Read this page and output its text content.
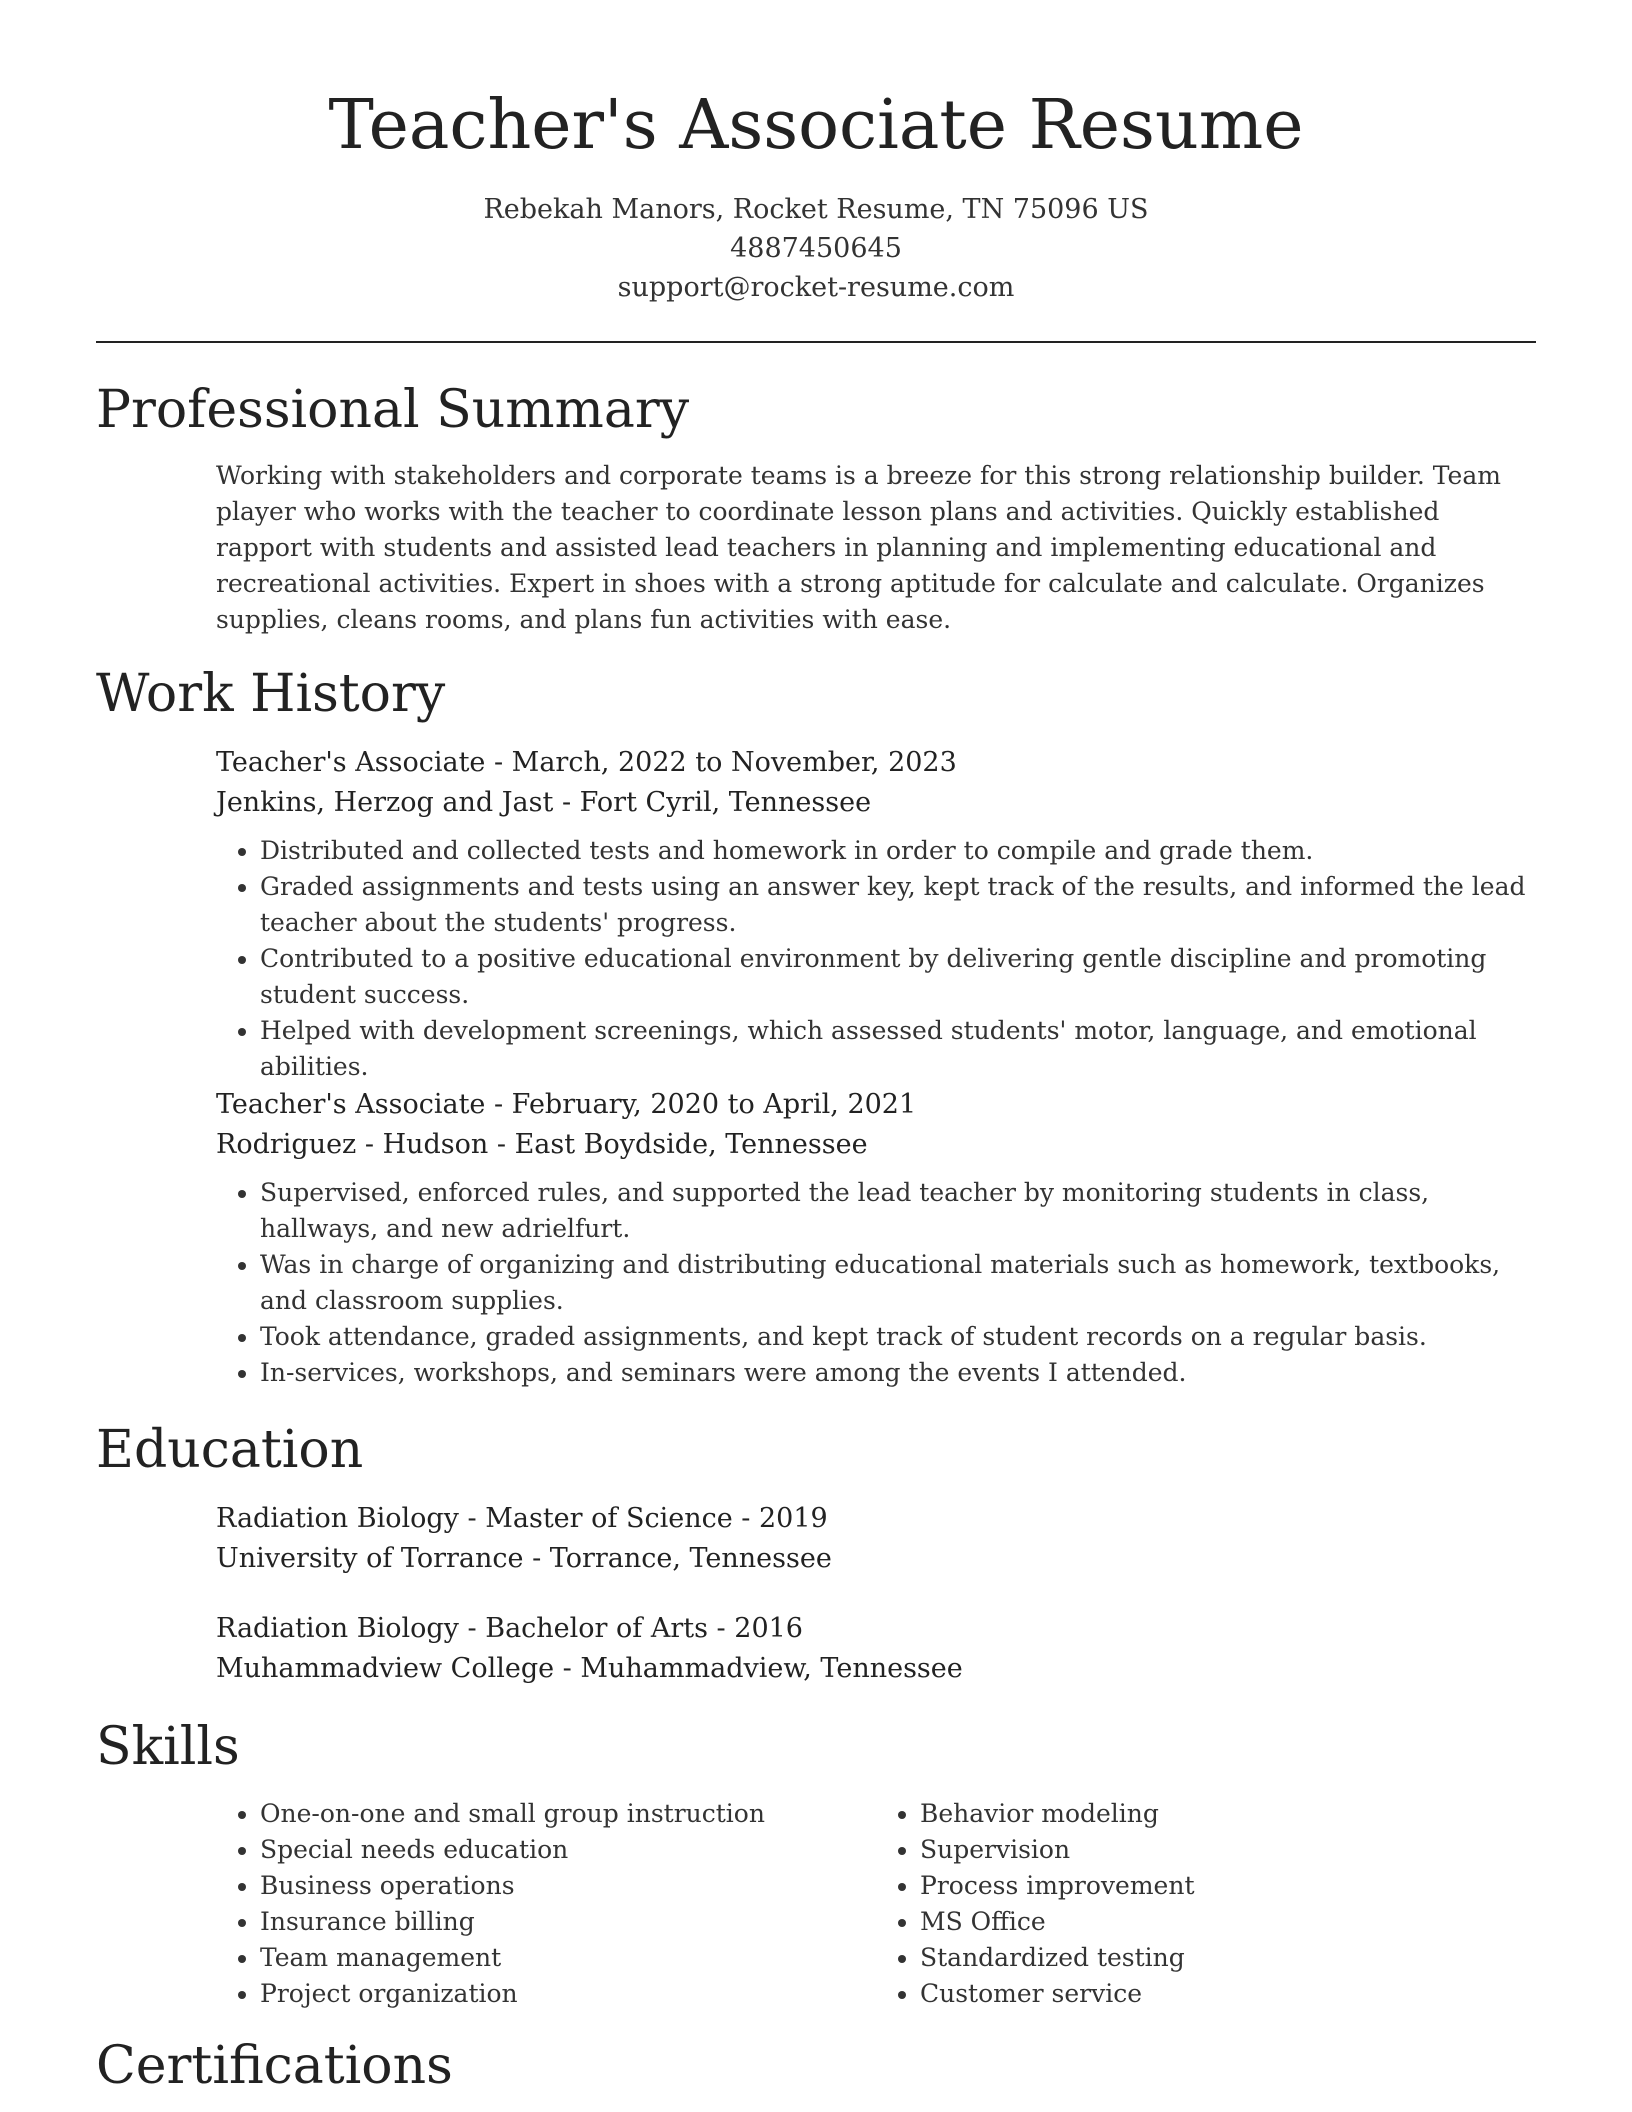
Teacher's Associate Resume
Rebekah Manors, Rocket Resume, TN 75096 US
4887450645
support@rocket-resume.com
Professional Summary
Working with stakeholders and corporate teams is a breeze for this strong relationship builder. Team player who works with the teacher to coordinate lesson plans and activities. Quickly established rapport with students and assisted lead teachers in planning and implementing educational and recreational activities. Expert in shoes with a strong aptitude for calculate and calculate. Organizes supplies, cleans rooms, and plans fun activities with ease.
Work History
Teacher's Associate - March, 2022 to November, 2023
Jenkins, Herzog and Jast - Fort Cyril, Tennessee
• Distributed and collected tests and homework in order to compile and grade them.
• Graded assignments and tests using an answer key, kept track of the results, and informed the lead teacher about the students' progress.
• Contributed to a positive educational environment by delivering gentle discipline and promoting student success.
• Helped with development screenings, which assessed students' motor, language, and emotional abilities.
Teacher's Associate - February, 2020 to April, 2021
Rodriguez - Hudson - East Boydside, Tennessee
• Supervised, enforced rules, and supported the lead teacher by monitoring students in class, hallways, and new adrielfurt.
• Was in charge of organizing and distributing educational materials such as homework, textbooks, and classroom supplies.
• Took attendance, graded assignments, and kept track of student records on a regular basis.
• In-services, workshops, and seminars were among the events I attended.
Education
Radiation Biology - Master of Science - 2019
University of Torrance - Torrance, Tennessee
Radiation Biology - Bachelor of Arts - 2016
Muhammadview College - Muhammadview, Tennessee
Skills
• One-on-one and small group instruction
• Special needs education
• Business operations
• Insurance billing
• Team management
• Project organization
• Behavior modeling
• Supervision
• Process improvement
• MS Office
• Standardized testing
• Customer service
Certifications
